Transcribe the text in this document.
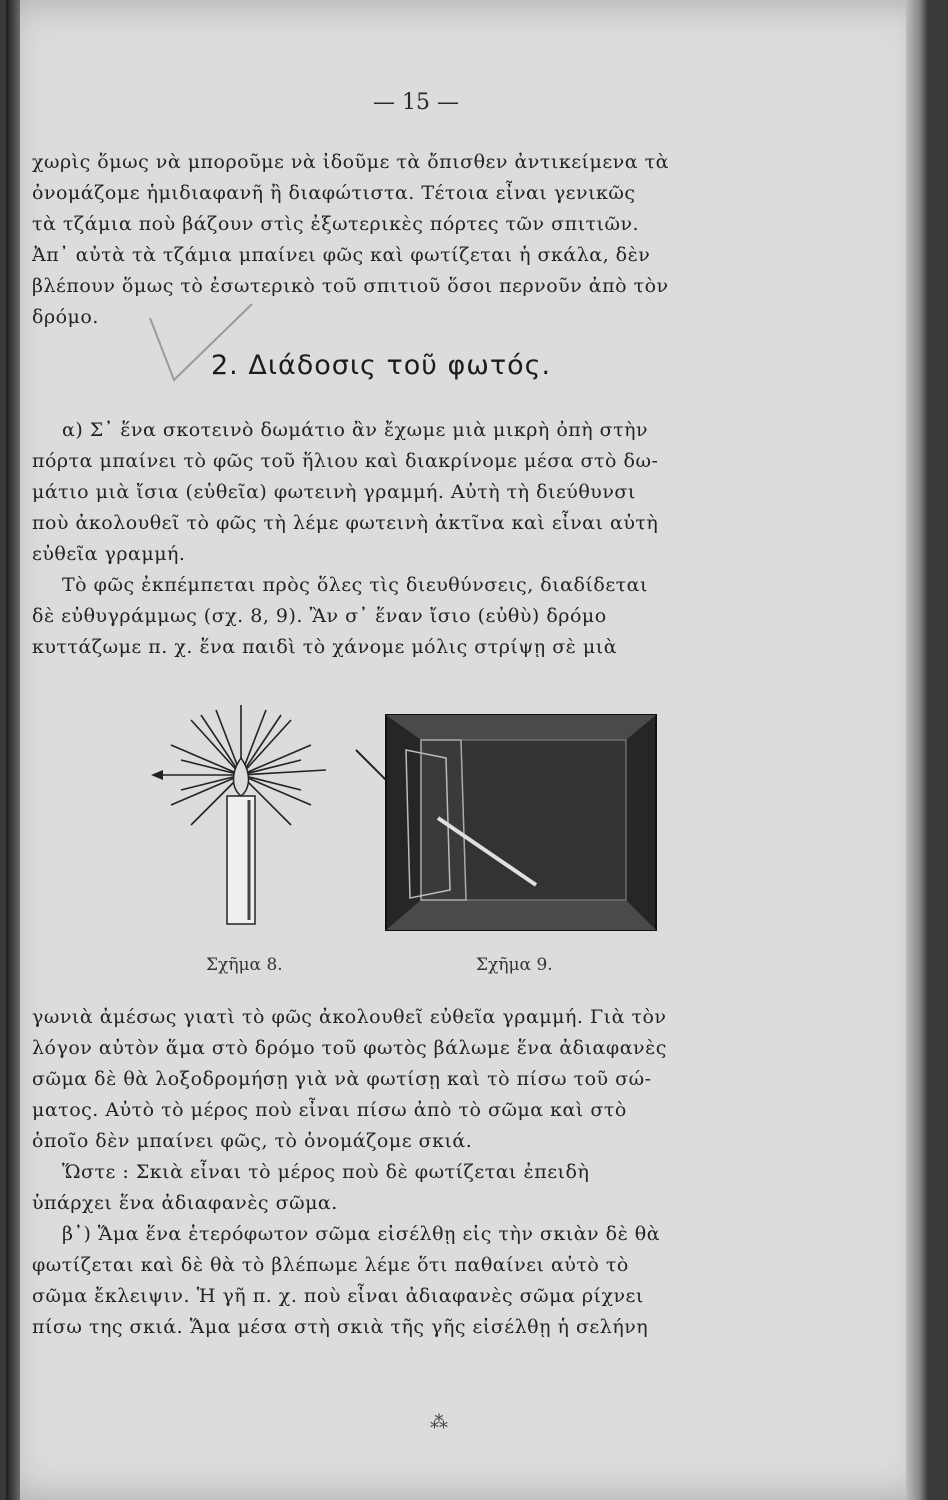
— 15 —
χωρὶς ὅμως νὰ μποροῦμε νὰ ἰδοῦμε τὰ ὄπισθεν ἀντικείμενα τὰ
ὀνομάζομε ἡμιδιαφανῆ ἢ διαφώτιστα. Τέτοια εἶναι γενικῶς
τὰ τζάμια ποὺ βάζουν στὶς ἐξωτερικὲς πόρτες τῶν σπιτιῶν.
Ἀπ᾽ αὐτὰ τὰ τζάμια μπαίνει φῶς καὶ φωτίζεται ἡ σκάλα, δὲν
βλέπουν ὅμως τὸ ἐσωτερικὸ τοῦ σπιτιοῦ ὅσοι περνοῦν ἀπὸ τὸν
δρόμο.
2. Διάδοσις τοῦ φωτός.
α) Σ᾽ ἕνα σκοτεινὸ δωμάτιο ἂν ἔχωμε μιὰ μικρὴ ὀπὴ στὴν
πόρτα μπαίνει τὸ φῶς τοῦ ἥλιου καὶ διακρίνομε μέσα στὸ δω-
μάτιο μιὰ ἴσια (εὐθεῖα) φωτεινὴ γραμμή. Αὐτὴ τὴ διεύθυνσι
ποὺ ἀκολουθεῖ τὸ φῶς τὴ λέμε φωτεινὴ ἀκτῖνα καὶ εἶναι αὐτὴ
εὐθεῖα γραμμή.
Τὸ φῶς ἐκπέμπεται πρὸς ὅλες τὶς διευθύνσεις, διαδίδεται
δὲ εὐθυγράμμως (σχ. 8, 9). Ἂν σ᾽ ἕναν ἴσιο (εὐθὺ) δρόμο
κυττάζωμε π. χ. ἕνα παιδὶ τὸ χάνομε μόλις στρίψῃ σὲ μιὰ
Σχῆμα 8.	Σχῆμα 9.
γωνιὰ ἀμέσως γιατὶ τὸ φῶς ἀκολουθεῖ εὐθεῖα γραμμή. Γιὰ τὸν
λόγον αὐτὸν ἅμα στὸ δρόμο τοῦ φωτὸς βάλωμε ἕνα ἀδιαφανὲς
σῶμα δὲ θὰ λοξοδρομήσῃ γιὰ νὰ φωτίσῃ καὶ τὸ πίσω τοῦ σώ-
ματος. Αὐτὸ τὸ μέρος ποὺ εἶναι πίσω ἀπὸ τὸ σῶμα καὶ στὸ
ὁποῖο δὲν μπαίνει φῶς, τὸ ὀνομάζομε σκιά.
Ὥστε : Σκιὰ εἶναι τὸ μέρος ποὺ δὲ φωτίζεται ἐπειδὴ
ὑπάρχει ἕνα ἀδιαφανὲς σῶμα.
β᾽) Ἅμα ἕνα ἑτερόφωτον σῶμα εἰσέλθῃ εἰς τὴν σκιὰν δὲ θὰ
φωτίζεται καὶ δὲ θὰ τὸ βλέπωμε λέμε ὅτι παθαίνει αὐτὸ τὸ
σῶμα ἔκλειψιν. Ἡ γῆ π. χ. ποὺ εἶναι ἀδιαφανὲς σῶμα ρίχνει
πίσω της σκιά. Ἅμα μέσα στὴ σκιὰ τῆς γῆς εἰσέλθῃ ἡ σελήνη
⁂
